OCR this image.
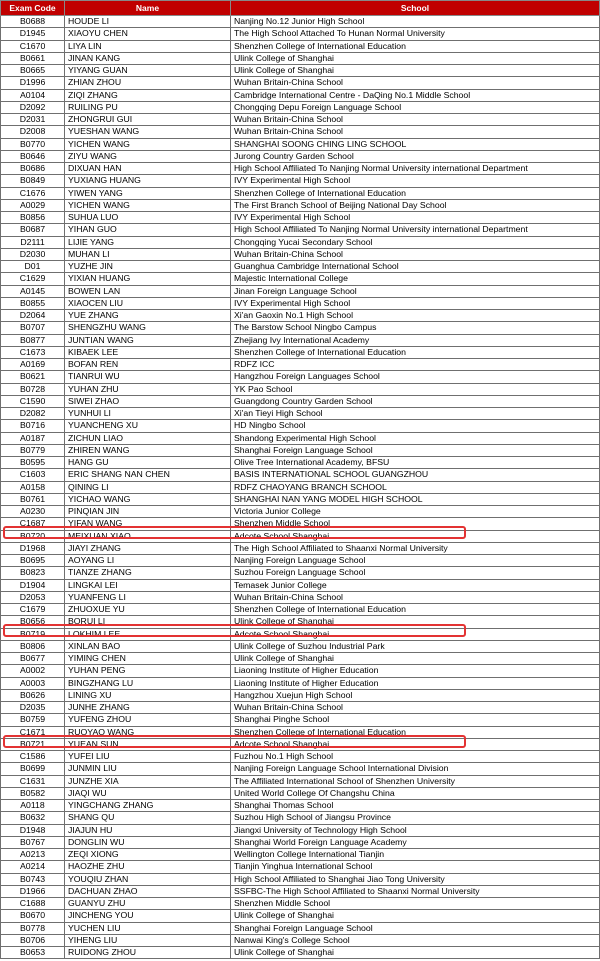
Exam Code	Name	School
B0688	HOUDE LI	Nanjing No.12 Junior High School
D1945	XIAOYU CHEN	The High School Attached To Hunan Normal University
C1670	LIYA LIN	Shenzhen College of International Education
B0661	JINAN KANG	Ulink College of Shanghai
B0665	YIYANG GUAN	Ulink College of Shanghai
D1996	ZHIAN ZHOU	Wuhan Britain-China School
A0104	ZIQI ZHANG	Cambridge International Centre - DaQing No.1 Middle School
D2092	RUILING PU	Chongqing Depu Foreign Language School
D2031	ZHONGRUI GUI	Wuhan Britain-China School
D2008	YUESHAN WANG	Wuhan Britain-China School
B0770	YICHEN WANG	SHANGHAI SOONG CHING LING SCHOOL
B0646	ZIYU WANG	Jurong Country Garden School
B0686	DIXUAN HAN	High School Affiliated To Nanjing Normal University international Department
B0849	YUXIANG HUANG	IVY Experimental High School
C1676	YIWEN YANG	Shenzhen College of International Education
A0029	YICHEN WANG	The First Branch School of Beijing National Day School
B0856	SUHUA LUO	IVY Experimental High School
B0687	YIHAN GUO	High School Affiliated To Nanjing Normal University international Department
D2111	LIJIE YANG	Chongqing Yucai Secondary School
D2030	MUHAN LI	Wuhan Britain-China School
D01	YUZHE JIN	Guanghua Cambridge International School
C1629	YIXIAN HUANG	Majestic International College
A0145	BOWEN LAN	Jinan Foreign Language School
B0855	XIAOCEN LIU	IVY Experimental High School
D2064	YUE ZHANG	Xi'an Gaoxin No.1 High School
B0707	SHENGZHU WANG	The Barstow School Ningbo Campus
B0877	JUNTIAN WANG	Zhejiang Ivy International Academy
C1673	KIBAEK LEE	Shenzhen College of International Education
A0169	BOFAN REN	RDFZ ICC
B0621	TIANRUI WU	Hangzhou Foreign Languages School
B0728	YUHAN ZHU	YK Pao School
C1590	SIWEI ZHAO	Guangdong Country Garden School
D2082	YUNHUI LI	Xi'an Tieyi High School
B0716	YUANCHENG XU	HD Ningbo School
A0187	ZICHUN LIAO	Shandong Experimental High School
B0779	ZHIREN WANG	Shanghai Foreign Language School
B0595	HANG GU	Olive Tree International Academy, BFSU
C1603	ERIC SHANG NAN CHEN	BASIS INTERNATIONAL SCHOOL GUANGZHOU
A0158	QINING LI	RDFZ CHAOYANG BRANCH SCHOOL
B0761	YICHAO WANG	SHANGHAI NAN YANG MODEL HIGH SCHOOL
A0230	PINQIAN JIN	Victoria Junior College
C1687	YIFAN WANG	Shenzhen Middle School
B0720	MEIXUAN XIAO	Adcote School Shanghai
D1968	JIAYI ZHANG	The High School Affiliated to Shaanxi Normal University
B0695	AOYANG LI	Nanjing Foreign Language School
B0823	TIANZE ZHANG	Suzhou Foreign Language School
D1904	LINGKAI LEI	Temasek Junior College
D2053	YUANFENG LI	Wuhan Britain-China School
C1679	ZHUOXUE YU	Shenzhen College of International Education
B0656	BORUI LI	Ulink College of Shanghai
B0719	LOKHIM LEE	Adcote School Shanghai
B0806	XINLAN BAO	Ulink College of Suzhou Industrial Park
B0677	YIMING CHEN	Ulink College of Shanghai
A0002	YUHAN PENG	Liaoning Institute of Higher Education
A0003	BINGZHANG LU	Liaoning Institute of Higher Education
B0626	LINING XU	Hangzhou Xuejun High School
D2035	JUNHE ZHANG	Wuhan Britain-China School
B0759	YUFENG ZHOU	Shanghai Pinghe School
C1671	RUOYAO WANG	Shenzhen College of International Education
B0721	YUEAN SUN	Adcote School Shanghai
C1586	YUFEI LIU	Fuzhou No.1 High School
B0699	JUNMIN LIU	Nanjing Foreign Language School International Division
C1631	JUNZHE XIA	The Affiliated International School of Shenzhen University
B0582	JIAQI WU	United World College Of Changshu China
A0118	YINGCHANG ZHANG	Shanghai Thomas School
B0632	SHANG QU	Suzhou High School of Jiangsu Province
D1948	JIAJUN HU	Jiangxi University of Technology High School
B0767	DONGLIN WU	Shanghai World Foreign Language Academy
A0213	ZEQI XIONG	Wellington College International Tianjin
A0214	HAOZHE ZHU	Tianjin Yinghua International School
B0743	YOUQIU ZHAN	High School Affiliated to Shanghai Jiao Tong University
D1966	DACHUAN ZHAO	SSFBC-The High School Affiliated to Shaanxi Normal University
C1688	GUANYU ZHU	Shenzhen Middle School
B0670	JINCHENG YOU	Ulink College of Shanghai
B0778	YUCHEN LIU	Shanghai Foreign Language School
B0706	YIHENG LIU	Nanwai King's College School
B0653	RUIDONG ZHOU	Ulink College of Shanghai
